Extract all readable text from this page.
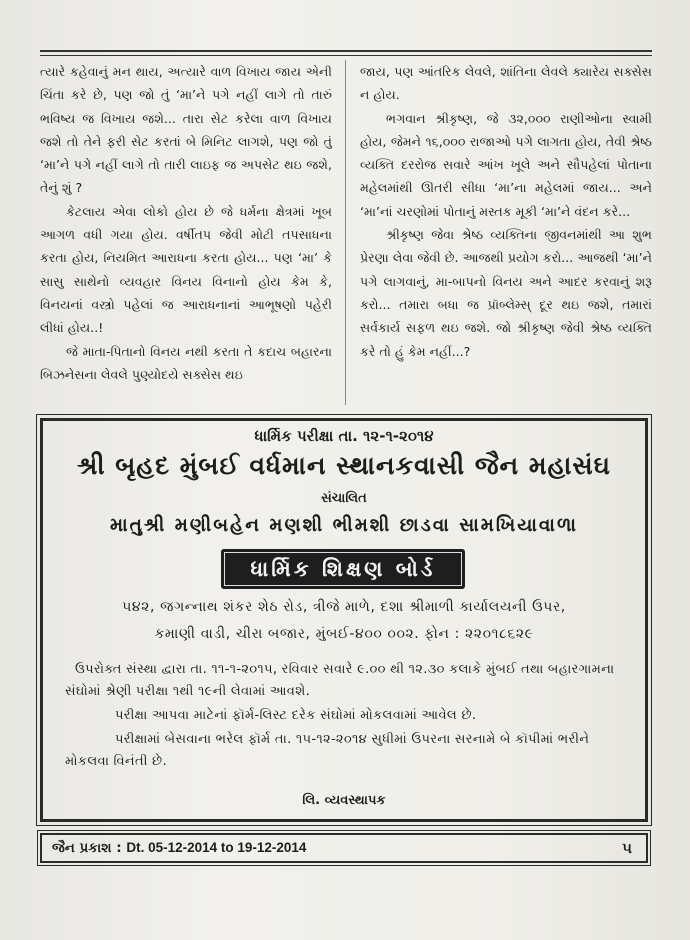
ત્યારે કહેવાનું મન થાય, અત્યારે વાળ વિખાય જાય એની ચિંતા કરે છે, પણ જો તું ‘મા’ને પગે નહીં લાગે તો તારું ભવિષ્ય જ વિખાય જશે... તારા સેટ કરેલા વાળ વિખાય જશે તો તેને ફરી સેટ કરતાં બે મિનિટ લાગશે, પણ જો તું ‘મા’ને પગે નહીં લાગે તો તારી લાઇફ જ અપસેટ થઇ જશે, તેનું શું ?

કેટલાય એવા લોકો હોય છે જે ધર્મના ક્ષેત્રમાં ખૂબ આગળ વધી ગયા હોય. વર્ષીતપ જેવી મોટી તપસાધના કરતા હોય, નિયમિત આરાધના કરતા હોય... પણ ‘મા’ કે સાસુ સાથેનો વ્યવહાર વિનય વિનાનો હોય કેમ કે, વિનયનાં વસ્ત્રો પહેલાં જ આરાધનાનાં આભૂષણો પહેરી લીધાં હોય..!

જે માતા-પિતાનો વિનય નથી કરતા તે કદાચ બહારના બિઝનેસના લેવલે પુણ્યોદયે સક્સેસ થઇ

જાય, પણ આંતરિક લેવલે, શાંતિના લેવલે ક્યારેય સક્સેસ ન હોય.

ભગવાન શ્રીકૃષ્ણ, જે ૩૨,૦૦૦ રાણીઓના સ્વામી હોય, જેમને ૧૬,૦૦૦ રાજાઓ પગે લાગતા હોય, તેવી શ્રેષ્ઠ વ્યક્તિ દરરોજ સવારે આંખ ખૂલે અને સૌપહેલાં પોતાના મહેલમાંથી ઊતરી સીધા ‘મા’ના મહેલમાં જાય... અને ‘મા’નાં ચરણોમાં પોતાનું મસ્તક મૂકી ‘મા’ને વંદન કરે...

શ્રીકૃષ્ણ જેવા શ્રેષ્ઠ વ્યક્તિના જીવનમાંથી આ શુભ પ્રેરણા લેવા જેવી છે. આજથી પ્રયોગ કરો... આજથી ‘મા’ને પગે લાગવાનું, મા-બાપનો વિનય અને આદર કરવાનું શરૂ કરો... તમારા બધા જ પ્રૉબ્લેમ્સ્ દૂર થઇ જશે, તમારાં સર્વકાર્ય સફળ થઇ જશે. જો શ્રીકૃષ્ણ જેવી શ્રેષ્ઠ વ્યક્તિ કરે તો હું કેમ નહીં...?

ધાર્મિક પરીક્ષા તા. ૧૨-૧-૨૦૧૪
શ્રી બૃહદ મુંબઈ વર્ધમાન સ્થાનકવાસી જૈન મહાસંઘ
સંચાલિત
માતુશ્રી મણીબહેન મણશી ભીમશી છાડવા સામખિયાવાળા
ધાર્મિક શિક્ષણ બોર્ડ
૫૪૨, જગન્નાથ શંકર શેઠ રોડ, ત્રીજે માળે, દશા શ્રીમાળી કાર્યાલયની ઉપર,
કમાણી વાડી, ચીરા બજાર, મુંબઈ-૪૦૦ ૦૦૨. ફોન : ૨૨૦૧૮૬૨૯
ઉપરોક્ત સંસ્થા દ્વારા તા. ૧૧-૧-૨૦૧૫, રવિવાર સવારે ૯.૦૦ થી ૧૨.૩૦ કલાકે મુંબઈ તથા બહારગામના સંઘોમાં શ્રેણી પરીક્ષા ૧થી ૧૯ની લેવામાં આવશે.
પરીક્ષા આપવા માટેનાં ફૉર્મ-લિસ્ટ દરેક સંઘોમાં મોકલવામાં આવેલ છે.
પરીક્ષામાં બેસવાના ભરેલ ફૉર્મ તા. ૧૫-૧૨-૨૦૧૪ સુધીમાં ઉપરના સરનામે બે કૉપીમાં ભરીને મોકલવા વિનંતી છે.
લિ. વ્યવસ્થાપક
જૈન પ્રકાશ : Dt. 05-12-2014 to 19-12-2014	૫
